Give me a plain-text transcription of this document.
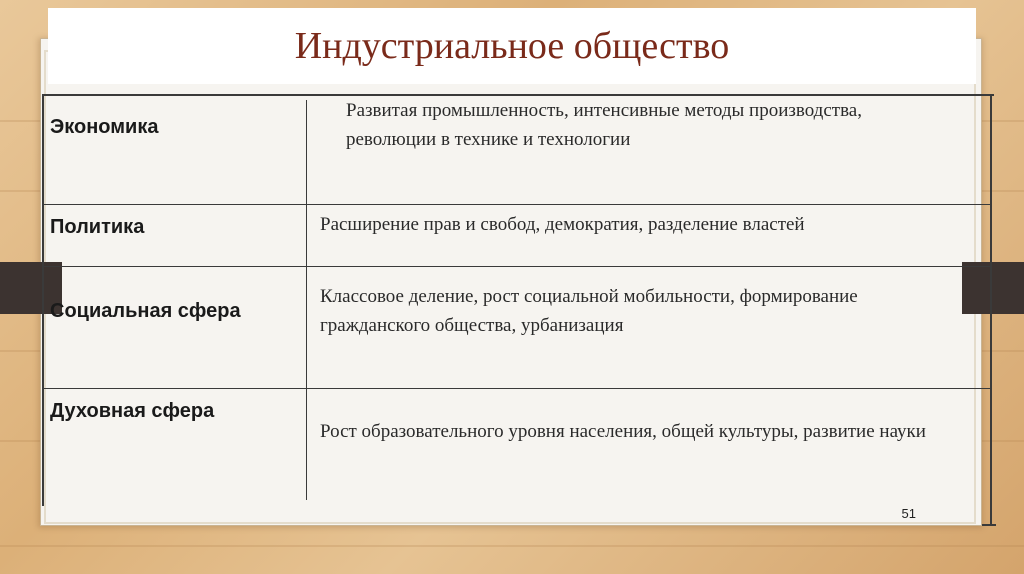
Индустриальное общество
Экономика
Развитая промышленность, интенсивные методы производства, революции в технике и технологии
Политика	Расширение прав и свобод, демократия, разделение властей
Социальная сфера
Классовое деление, рост социальной мобильности, формирование гражданского общества, урбанизация
Духовная сфера
Рост образовательного уровня населения, общей культуры, развитие науки
51
